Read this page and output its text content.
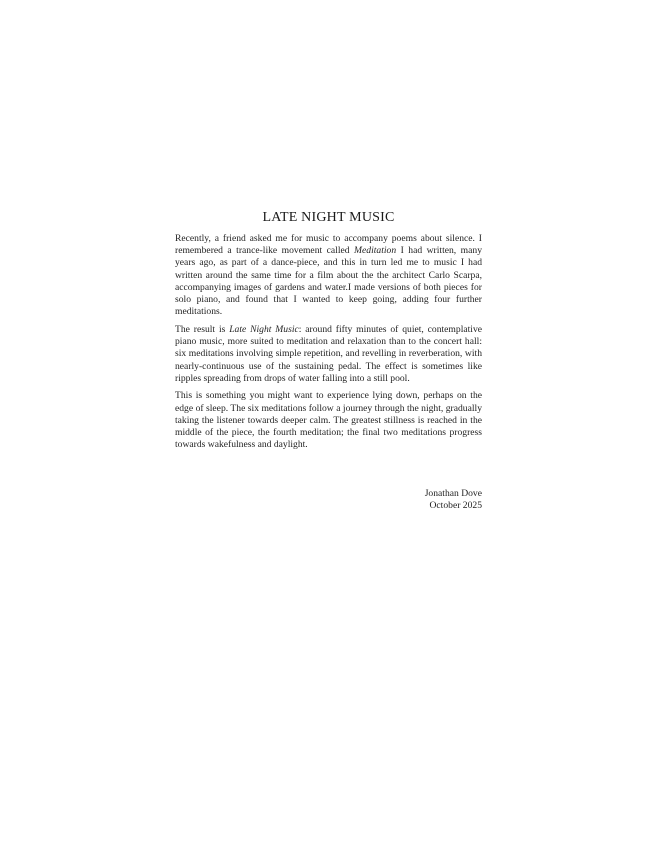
LATE NIGHT MUSIC

Recently, a friend asked me for music to accompany poems about silence. I remembered a trance-like movement called Meditation I had written, many years ago, as part of a dance-piece, and this in turn led me to music I had written around the same time for a film about the the architect Carlo Scarpa, accompanying images of gardens and water.I made versions of both pieces for solo piano, and found that I wanted to keep going, adding four further meditations.

The result is Late Night Music: around fifty minutes of quiet, contemplative piano music, more suited to meditation and relaxation than to the concert hall: six meditations involving simple repetition, and revelling in reverberation, with nearly-continuous use of the sustaining pedal. The effect is sometimes like ripples spreading from drops of water falling into a still pool.

This is something you might want to experience lying down, perhaps on the edge of sleep. The six meditations follow a journey through the night, gradually taking the listener towards deeper calm. The greatest stillness is reached in the middle of the piece, the fourth meditation; the final two meditations progress towards wakefulness and daylight.

Jonathan Dove
October 2025
